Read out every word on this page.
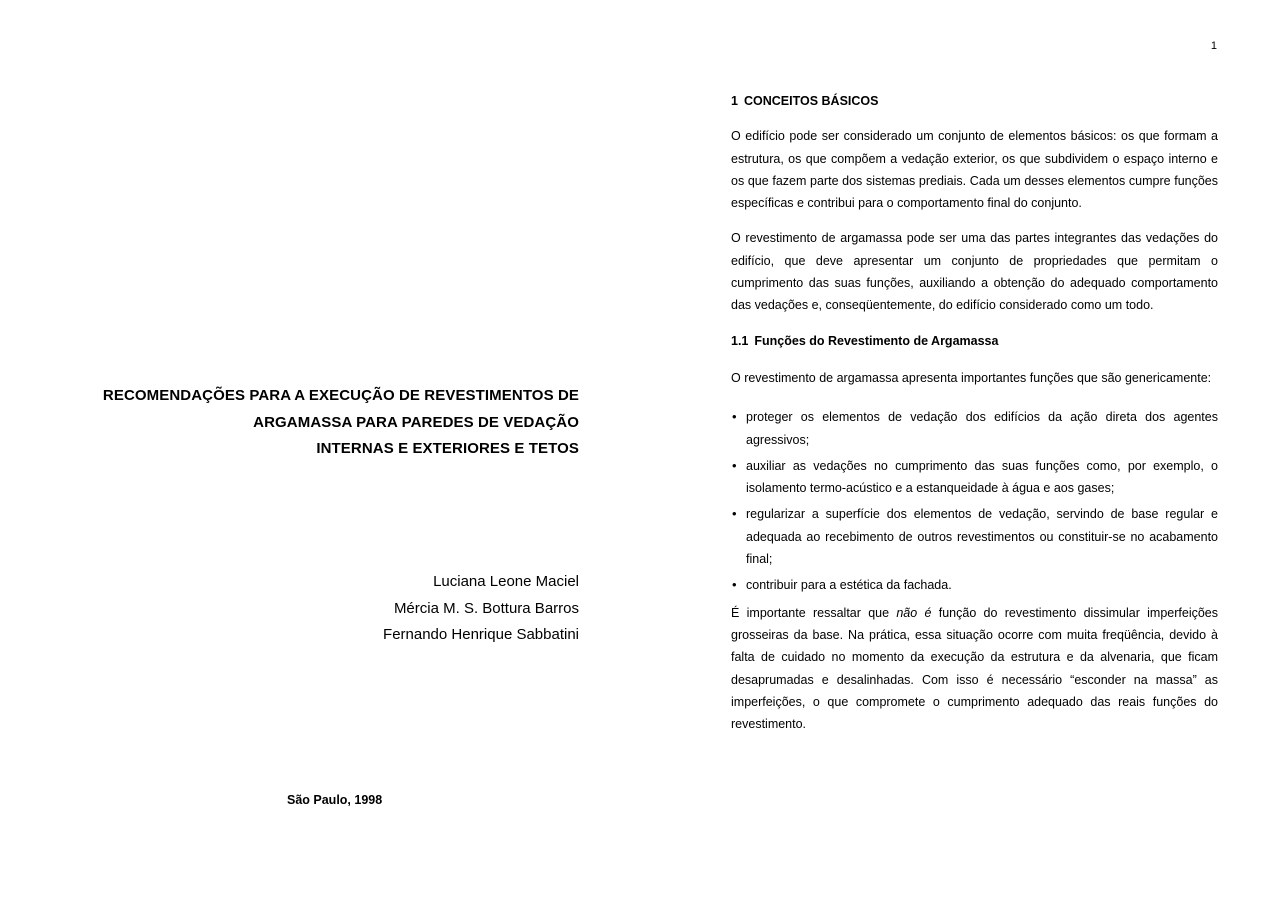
RECOMENDAÇÕES PARA A EXECUÇÃO DE REVESTIMENTOS DE
ARGAMASSA PARA PAREDES DE VEDAÇÃO
INTERNAS E EXTERIORES E TETOS
Luciana Leone Maciel
Mércia M. S. Bottura Barros
Fernando Henrique Sabbatini
São Paulo, 1998
1
1 CONCEITOS BÁSICOS

O edifício pode ser considerado um conjunto de elementos básicos: os que formam a estrutura, os que compõem a vedação exterior, os que subdividem o espaço interno e os que fazem parte dos sistemas prediais. Cada um desses elementos cumpre funções específicas e contribui para o comportamento final do conjunto.

O revestimento de argamassa pode ser uma das partes integrantes das vedações do edifício, que deve apresentar um conjunto de propriedades que permitam o cumprimento das suas funções, auxiliando a obtenção do adequado comportamento das vedações e, conseqüentemente, do edifício considerado como um todo.

1.1 Funções do Revestimento de Argamassa

O revestimento de argamassa apresenta importantes funções que são genericamente:

• proteger os elementos de vedação dos edifícios da ação direta dos agentes agressivos;
• auxiliar as vedações no cumprimento das suas funções como, por exemplo, o isolamento termo-acústico e a estanqueidade à água e aos gases;
• regularizar a superfície dos elementos de vedação, servindo de base regular e adequada ao recebimento de outros revestimentos ou constituir-se no acabamento final;
• contribuir para a estética da fachada.

É importante ressaltar que não é função do revestimento dissimular imperfeições grosseiras da base. Na prática, essa situação ocorre com muita freqüência, devido à falta de cuidado no momento da execução da estrutura e da alvenaria, que ficam desaprumadas e desalinhadas. Com isso é necessário “esconder na massa” as imperfeições, o que compromete o cumprimento adequado das reais funções do revestimento.
